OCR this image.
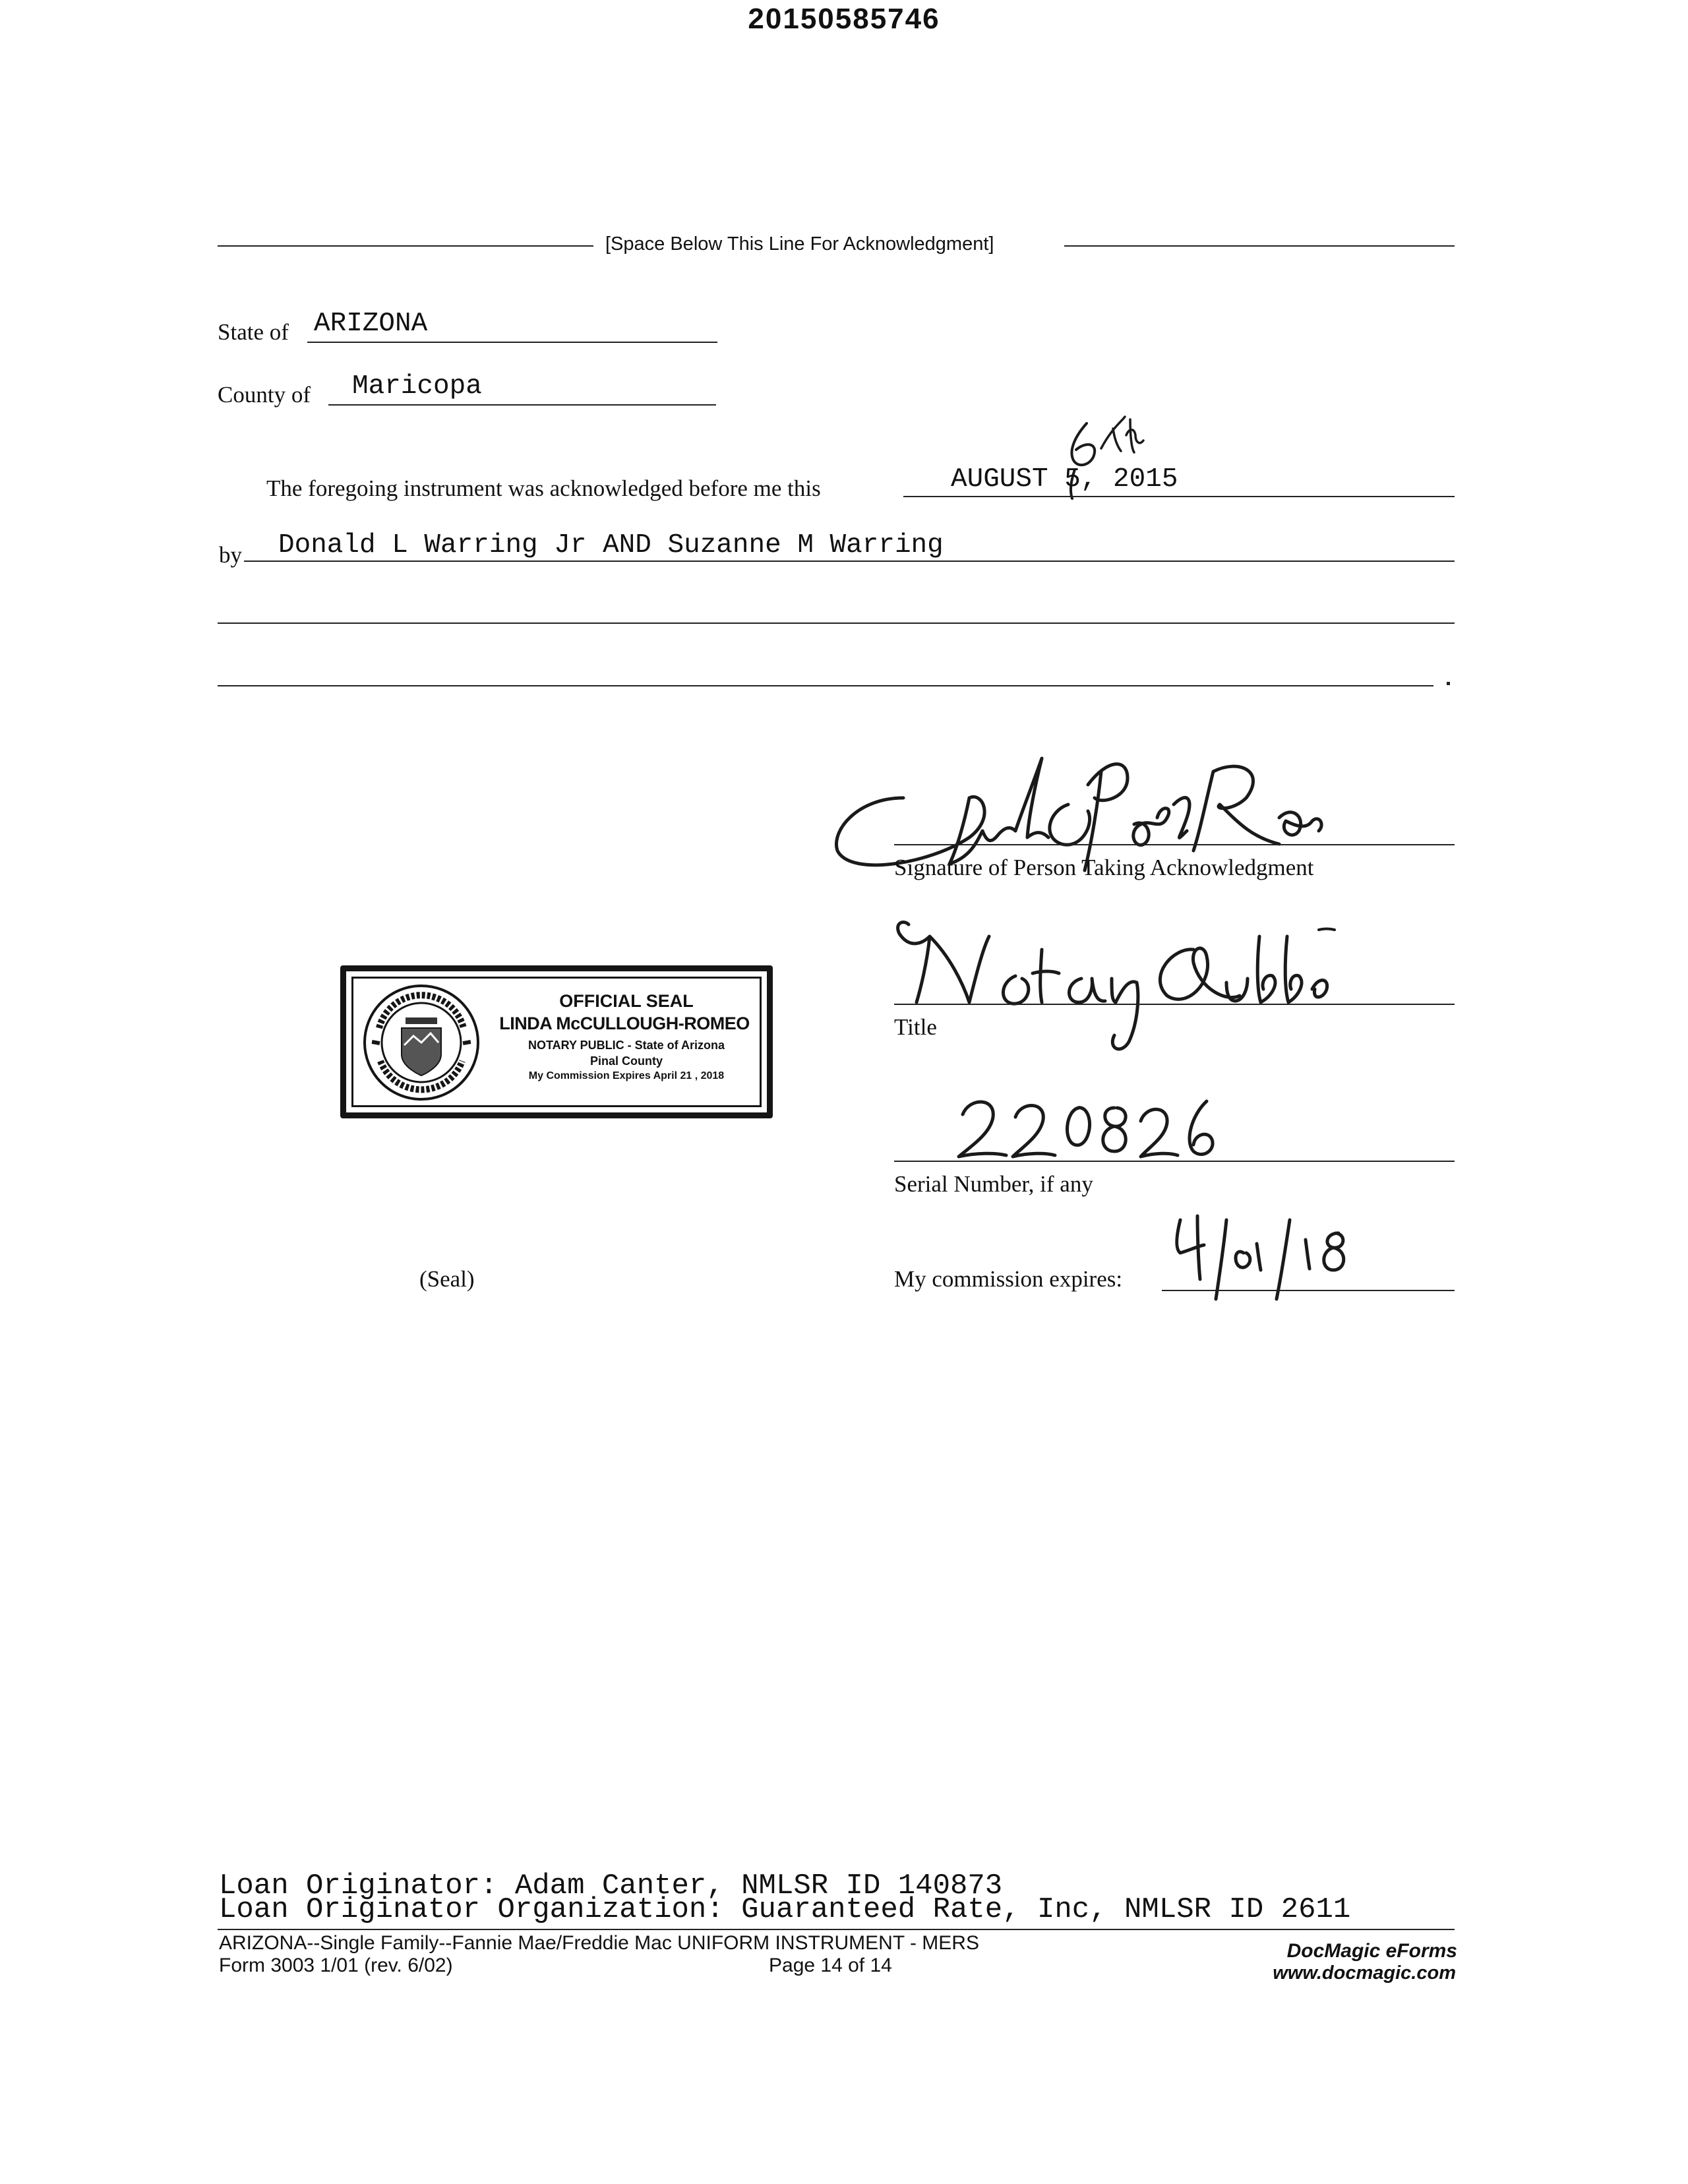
20150585746
[Space Below This Line For Acknowledgment]
State of ARIZONA
County of Maricopa
The foregoing instrument was acknowledged before me this	AUGUST 5, 2015
by Donald L Warring Jr AND Suzanne M Warring
Signature of Person Taking Acknowledgment
Title
Serial Number, if any
My commission expires:
OFFICIAL SEAL
LINDA McCULLOUGH-ROMEO
NOTARY PUBLIC - State of Arizona
Pinal County
My Commission Expires April 21 , 2018
(Seal)
Loan Originator: Adam Canter, NMLSR ID 140873
Loan Originator Organization: Guaranteed Rate, Inc, NMLSR ID 2611
ARIZONA--Single Family--Fannie Mae/Freddie Mac UNIFORM INSTRUMENT - MERS
Form 3003 1/01 (rev. 6/02)	Page 14 of 14
DocMagic eForms
www.docmagic.com
